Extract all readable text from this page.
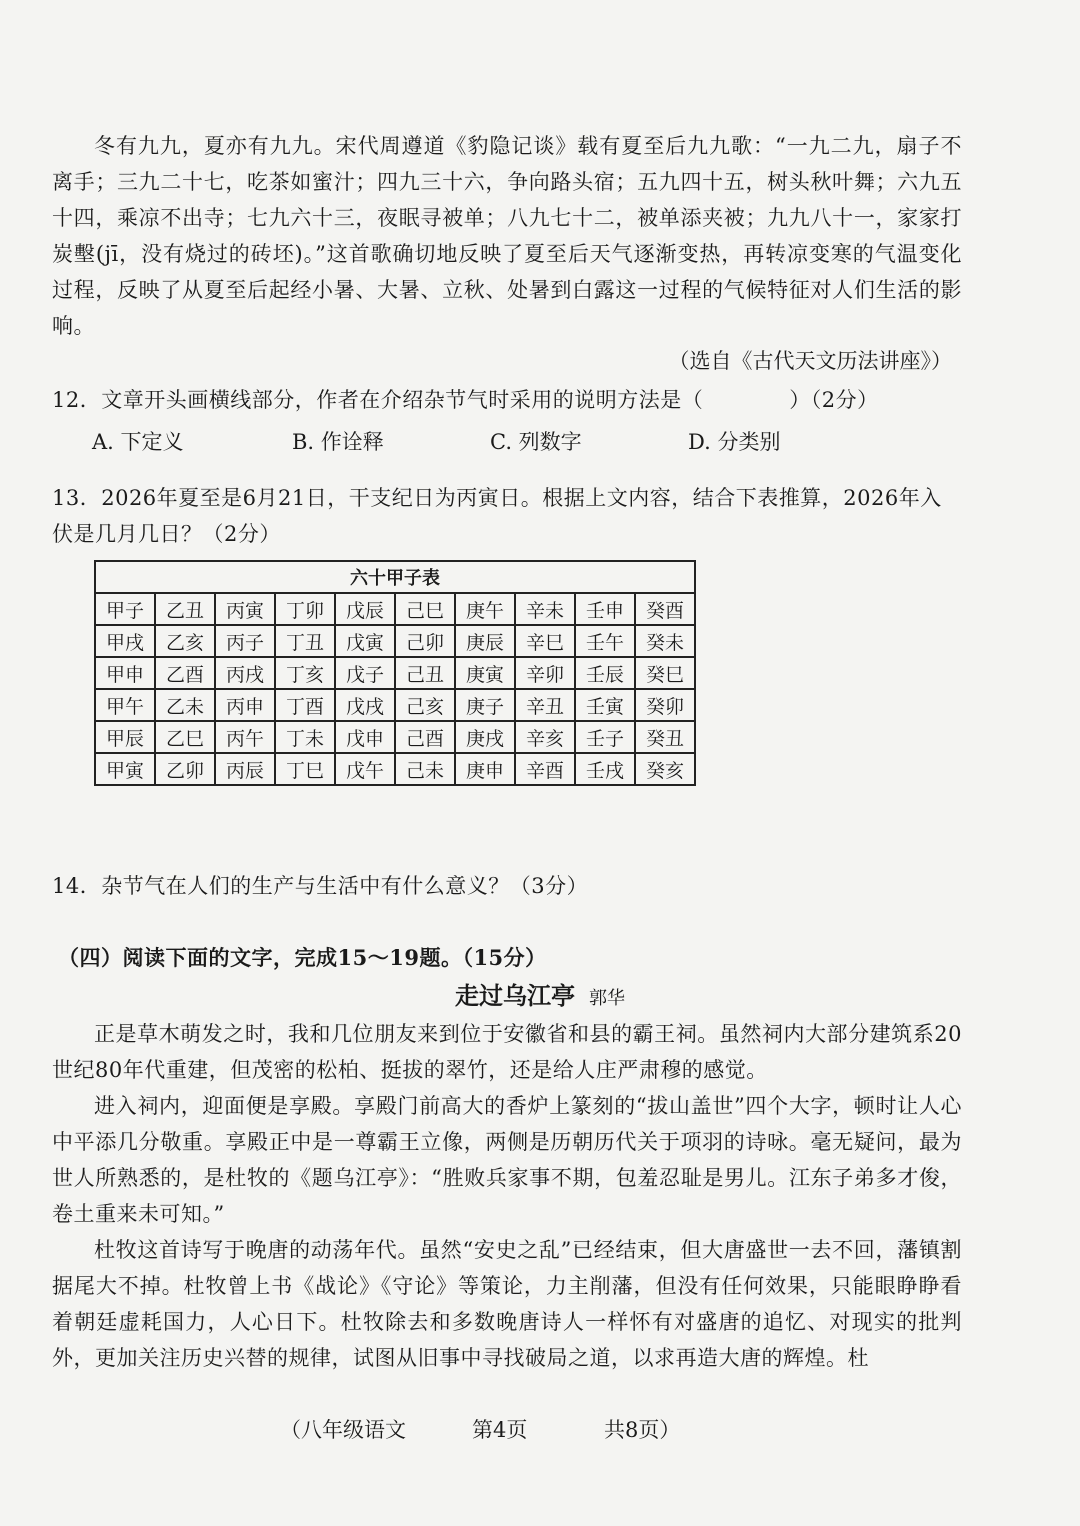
冬有九九，夏亦有九九。宋代周遵道《豹隐记谈》载有夏至后九九歌：“一九二九，扇子不离手；三九二十七，吃茶如蜜汁；四九三十六，争向路头宿；五九四十五，树头秋叶舞；六九五十四，乘凉不出寺；七九六十三，夜眠寻被单；八九七十二，被单添夹被；九九八十一，家家打炭墼(jī，没有烧过的砖坯)。”这首歌确切地反映了夏至后天气逐渐变热，再转凉变寒的气温变化过程，反映了从夏至后起经小暑、大暑、立秋、处暑到白露这一过程的气候特征对人们生活的影响。
（选自《古代天文历法讲座》）
12．文章开头画横线部分，作者在介绍杂节气时采用的说明方法是（　　　　）（2分）
A. 下定义	B. 作诠释	C. 列数字	D. 分类别
13．2026年夏至是6月21日，干支纪日为丙寅日。根据上文内容，结合下表推算，2026年入伏是几月几日？（2分）
六十甲子表									
甲子	乙丑	丙寅	丁卯	戊辰	己巳	庚午	辛未	壬申	癸酉
甲戌	乙亥	丙子	丁丑	戊寅	己卯	庚辰	辛巳	壬午	癸未
甲申	乙酉	丙戌	丁亥	戊子	己丑	庚寅	辛卯	壬辰	癸巳
甲午	乙未	丙申	丁酉	戊戌	己亥	庚子	辛丑	壬寅	癸卯
甲辰	乙巳	丙午	丁未	戊申	己酉	庚戌	辛亥	壬子	癸丑
甲寅	乙卯	丙辰	丁巳	戊午	己未	庚申	辛酉	壬戌	癸亥
14．杂节气在人们的生产与生活中有什么意义？（3分）
（四）阅读下面的文字，完成15～19题。（15分）
走过乌江亭 郭华
正是草木萌发之时，我和几位朋友来到位于安徽省和县的霸王祠。虽然祠内大部分建筑系20世纪80年代重建，但茂密的松柏、挺拔的翠竹，还是给人庄严肃穆的感觉。
进入祠内，迎面便是享殿。享殿门前高大的香炉上篆刻的“拔山盖世”四个大字，顿时让人心中平添几分敬重。享殿正中是一尊霸王立像，两侧是历朝历代关于项羽的诗咏。毫无疑问，最为世人所熟悉的，是杜牧的《题乌江亭》：“胜败兵家事不期，包羞忍耻是男儿。江东子弟多才俊，卷土重来未可知。”
杜牧这首诗写于晚唐的动荡年代。虽然“安史之乱”已经结束，但大唐盛世一去不回，藩镇割据尾大不掉。杜牧曾上书《战论》《守论》等策论，力主削藩，但没有任何效果，只能眼睁睁看着朝廷虚耗国力，人心日下。杜牧除去和多数晚唐诗人一样怀有对盛唐的追忆、对现实的批判外，更加关注历史兴替的规律，试图从旧事中寻找破局之道，以求再造大唐的辉煌。杜
（八年级语文	第4页	共8页）
